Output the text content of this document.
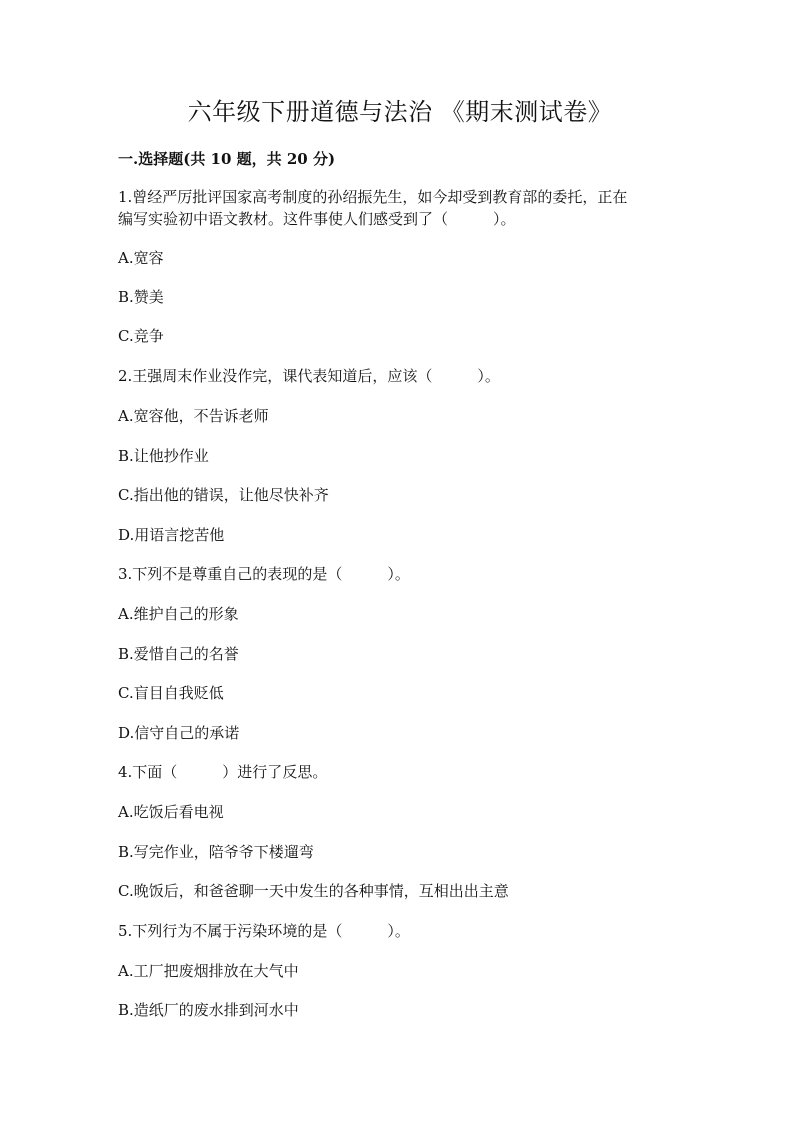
六年级下册道德与法治 《期末测试卷》
一.选择题(共 10 题，共 20 分)
1.曾经严厉批评国家高考制度的孙绍振先生，如今却受到教育部的委托，正在
编写实验初中语文教材。这件事使人们感受到了（　　　）。
A.宽容
B.赞美
C.竞争
2.王强周末作业没作完，课代表知道后，应该（　　　）。
A.宽容他，不告诉老师
B.让他抄作业
C.指出他的错误，让他尽快补齐
D.用语言挖苦他
3.下列不是尊重自己的表现的是（　　　）。
A.维护自己的形象
B.爱惜自己的名誉
C.盲目自我贬低
D.信守自己的承诺
4.下面（　　　）进行了反思。
A.吃饭后看电视
B.写完作业，陪爷爷下楼遛弯
C.晚饭后，和爸爸聊一天中发生的各种事情，互相出出主意
5.下列行为不属于污染环境的是（　　　）。
A.工厂把废烟排放在大气中
B.造纸厂的废水排到河水中
